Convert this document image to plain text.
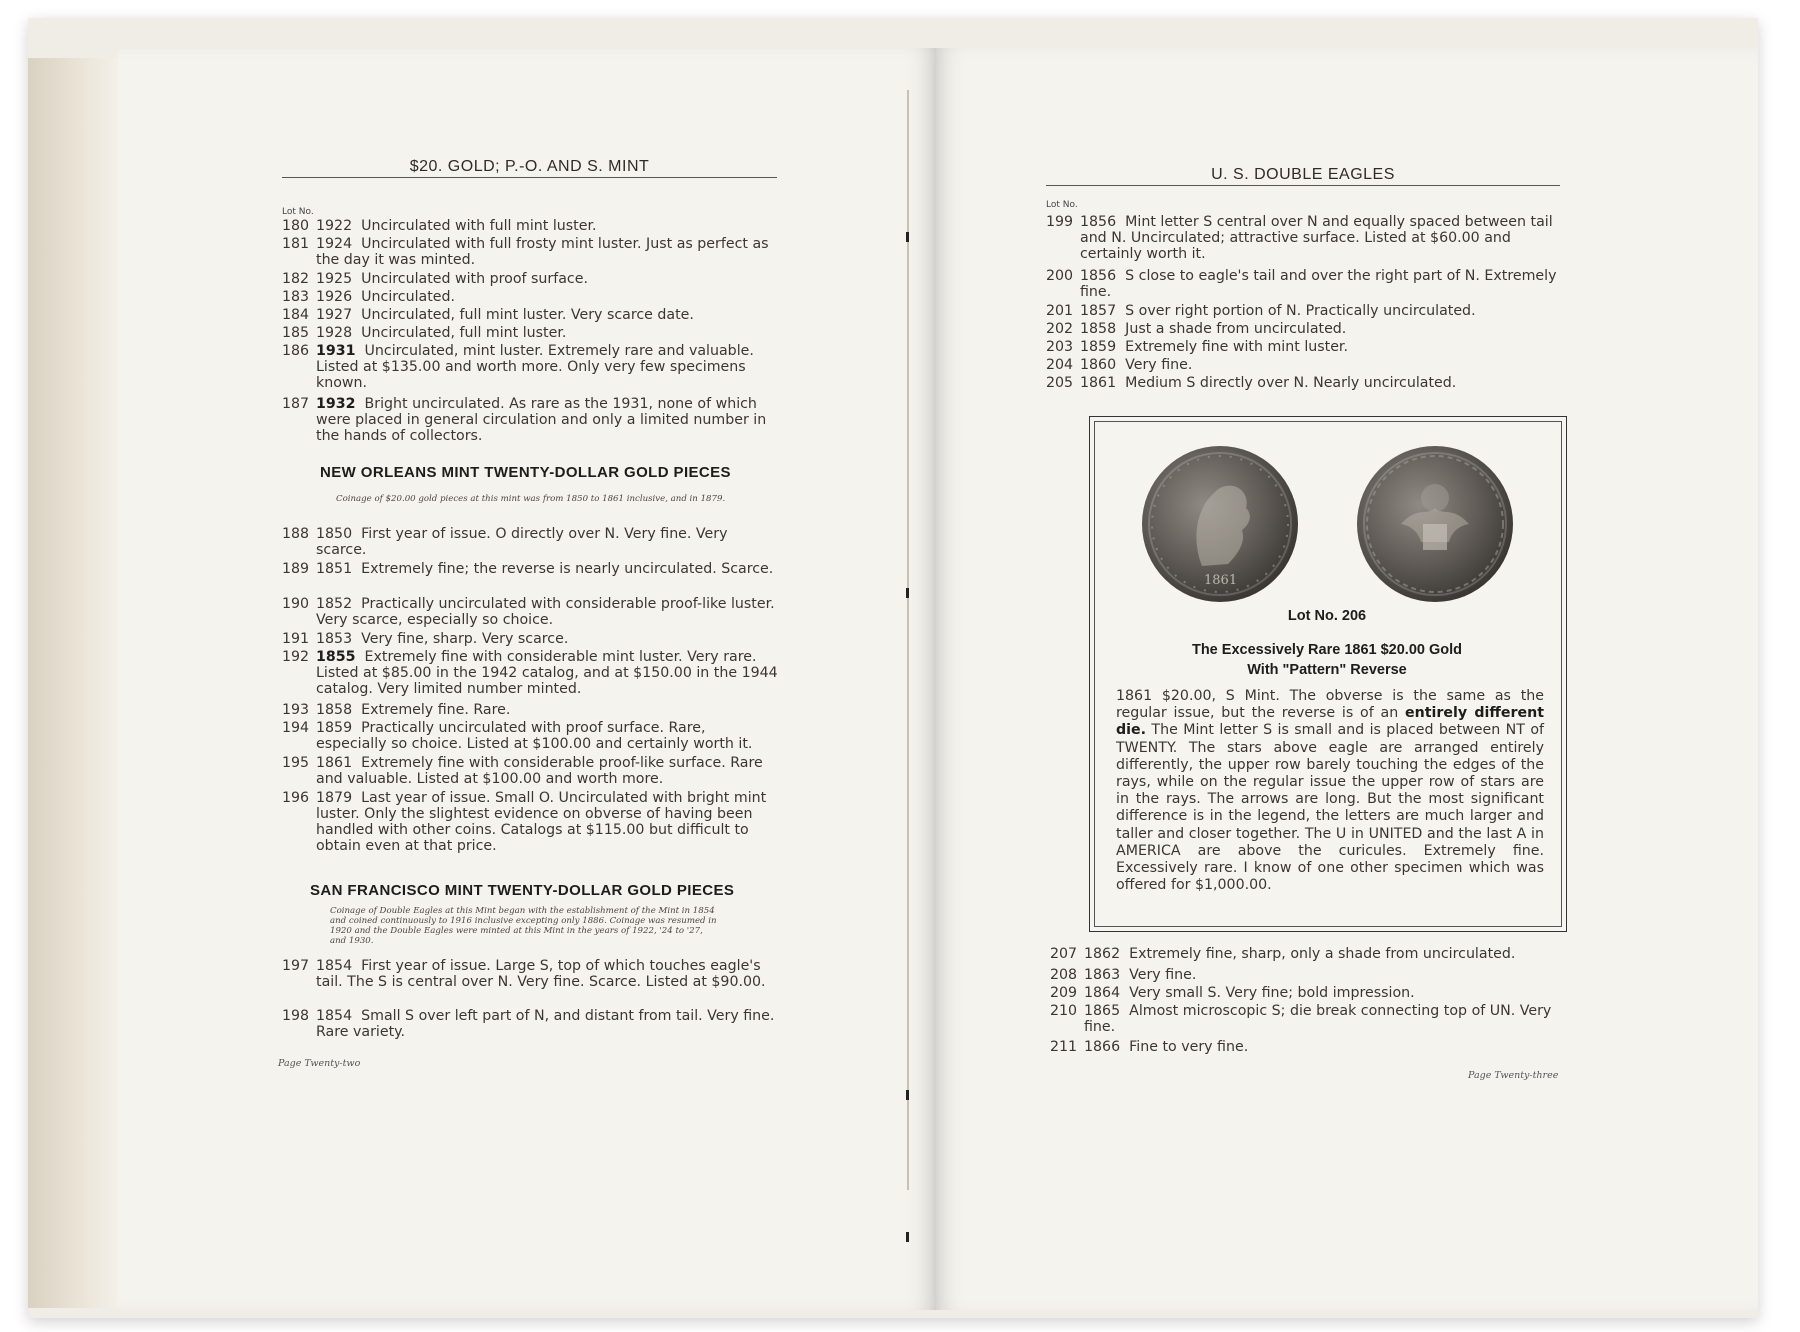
$20. GOLD; P.-O. AND S. MINT
Lot No.
180 1922 Uncirculated with full mint luster.
181 1924 Uncirculated with full frosty mint luster. Just as perfect as the day it was minted.
182 1925 Uncirculated with proof surface.
183 1926 Uncirculated.
184 1927 Uncirculated, full mint luster. Very scarce date.
185 1928 Uncirculated, full mint luster.
186 1931 Uncirculated, mint luster. Extremely rare and valuable. Listed at $135.00 and worth more. Only very few specimens known.
187 1932 Bright uncirculated. As rare as the 1931, none of which were placed in general circulation and only a limited number in the hands of collectors.
NEW ORLEANS MINT TWENTY-DOLLAR GOLD PIECES
Coinage of $20.00 gold pieces at this mint was from 1850 to 1861 inclusive, and in 1879.
188 1850 First year of issue. O directly over N. Very fine. Very scarce.
189 1851 Extremely fine; the reverse is nearly uncirculated. Scarce.
190 1852 Practically uncirculated with considerable proof-like luster. Very scarce, especially so choice.
191 1853 Very fine, sharp. Very scarce.
192 1855 Extremely fine with considerable mint luster. Very rare. Listed at $85.00 in the 1942 catalog, and at $150.00 in the 1944 catalog. Very limited number minted.
193 1858 Extremely fine. Rare.
194 1859 Practically uncirculated with proof surface. Rare, especially so choice. Listed at $100.00 and certainly worth it.
195 1861 Extremely fine with considerable proof-like surface. Rare and valuable. Listed at $100.00 and worth more.
196 1879 Last year of issue. Small O. Uncirculated with bright mint luster. Only the slightest evidence on obverse of having been handled with other coins. Catalogs at $115.00 but difficult to obtain even at that price.
SAN FRANCISCO MINT TWENTY-DOLLAR GOLD PIECES
Coinage of Double Eagles at this Mint began with the establishment of the Mint in 1854 and coined continuously to 1916 inclusive excepting only 1886. Coinage was resumed in 1920 and the Double Eagles were minted at this Mint in the years of 1922, '24 to '27, and 1930.
197 1854 First year of issue. Large S, top of which touches eagle's tail. The S is central over N. Very fine. Scarce. Listed at $90.00.
198 1854 Small S over left part of N, and distant from tail. Very fine. Rare variety.
Page Twenty-two
U. S. DOUBLE EAGLES
Lot No.
199 1856 Mint letter S central over N and equally spaced between tail and N. Uncirculated; attractive surface. Listed at $60.00 and certainly worth it.
200 1856 S close to eagle's tail and over the right part of N. Extremely fine.
201 1857 S over right portion of N. Practically uncirculated.
202 1858 Just a shade from uncirculated.
203 1859 Extremely fine with mint luster.
204 1860 Very fine.
205 1861 Medium S directly over N. Nearly uncirculated.
1861
Lot No. 206
The Excessively Rare 1861 $20.00 Gold
With "Pattern" Reverse
1861 $20.00, S Mint. The obverse is the same as the regular issue, but the reverse is of an entirely different die. The Mint letter S is small and is placed between NT of TWENTY. The stars above eagle are arranged entirely differently, the upper row barely touching the edges of the rays, while on the regular issue the upper row of stars are in the rays. The arrows are long. But the most significant difference is in the legend, the letters are much larger and taller and closer together. The U in UNITED and the last A in AMERICA are above the curicules. Extremely fine. Excessively rare. I know of one other specimen which was offered for $1,000.00.
207 1862 Extremely fine, sharp, only a shade from uncirculated.
208 1863 Very fine.
209 1864 Very small S. Very fine; bold impression.
210 1865 Almost microscopic S; die break connecting top of UN. Very fine.
211 1866 Fine to very fine.
Page Twenty-three
